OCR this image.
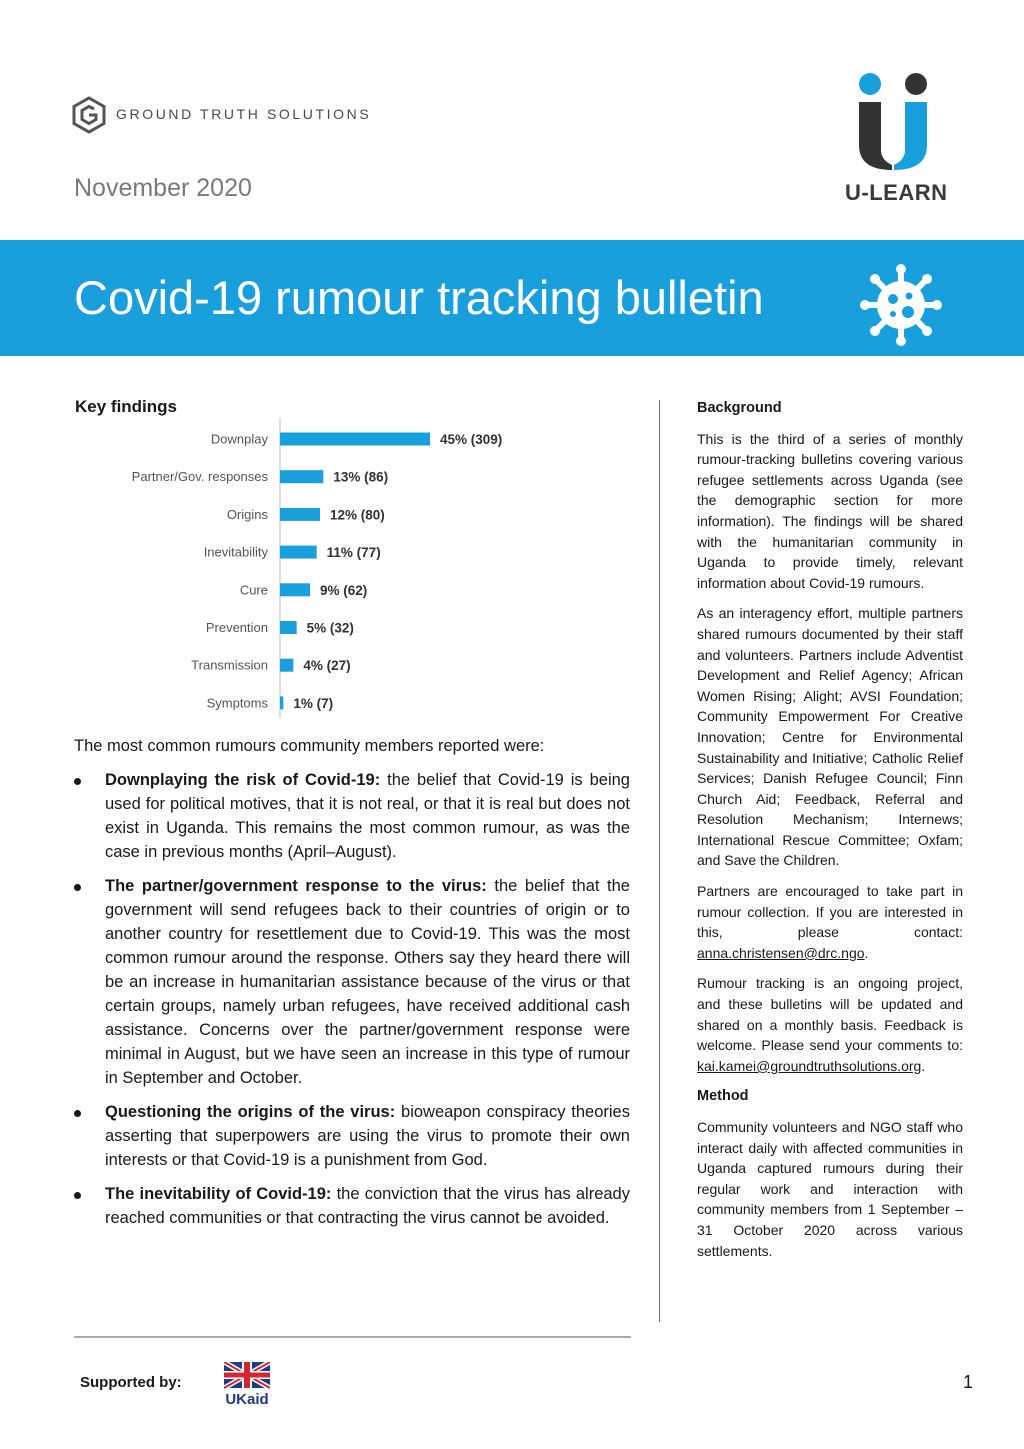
GROUND TRUTH SOLUTIONS
November 2020	U-LEARN
Covid-19 rumour tracking bulletin
Key findings
Downplay	45% (309)
Partner/Gov. responses	13% (86)
Origins	12% (80)
Inevitability	11% (77)
Cure	9% (62)
Prevention	5% (32)
Transmission	4% (27)
Symptoms 1% (7)
The most common rumours community members reported were:
Downplaying the risk of Covid-19: the belief that Covid-19 is being used for political motives, that it is not real, or that it is real but does not exist in Uganda. This remains the most common rumour, as was the case in previous months (April–August).
The partner/government response to the virus: the belief that the government will send refugees back to their countries of origin or to another country for resettlement due to Covid-19. This was the most common rumour around the response. Others say they heard there will be an increase in humanitarian assistance because of the virus or that certain groups, namely urban refugees, have received additional cash assistance. Concerns over the partner/government response were minimal in August, but we have seen an increase in this type of rumour in September and October.
Questioning the origins of the virus: bioweapon conspiracy theories asserting that superpowers are using the virus to promote their own interests or that Covid-19 is a punishment from God.
The inevitability of Covid-19: the conviction that the virus has already reached communities or that contracting the virus cannot be avoided.
Background

This is the third of a series of monthly rumour-tracking bulletins covering various refugee settlements across Uganda (see the demographic section for more information). The findings will be shared with the humanitarian community in Uganda to provide timely, relevant information about Covid-19 rumours.

As an interagency effort, multiple partners shared rumours documented by their staff and volunteers. Partners include Adventist Development and Relief Agency; African Women Rising; Alight; AVSI Foundation; Community Empowerment For Creative Innovation; Centre for Environmental Sustainability and Initiative; Catholic Relief Services; Danish Refugee Council; Finn Church Aid; Feedback, Referral and Resolution Mechanism; Internews; International Rescue Committee; Oxfam; and Save the Children.

Partners are encouraged to take part in rumour collection. If you are interested in this, please contact: anna.christensen@drc.ngo.

Rumour tracking is an ongoing project, and these bulletins will be updated and shared on a monthly basis. Feedback is welcome. Please send your comments to: kai.kamei@groundtruthsolutions.org.

Method

Community volunteers and NGO staff who interact daily with affected communities in Uganda captured rumours during their regular work and interaction with community members from 1 September – 31 October 2020 across various settlements.

Supported by:
UKaid
1
